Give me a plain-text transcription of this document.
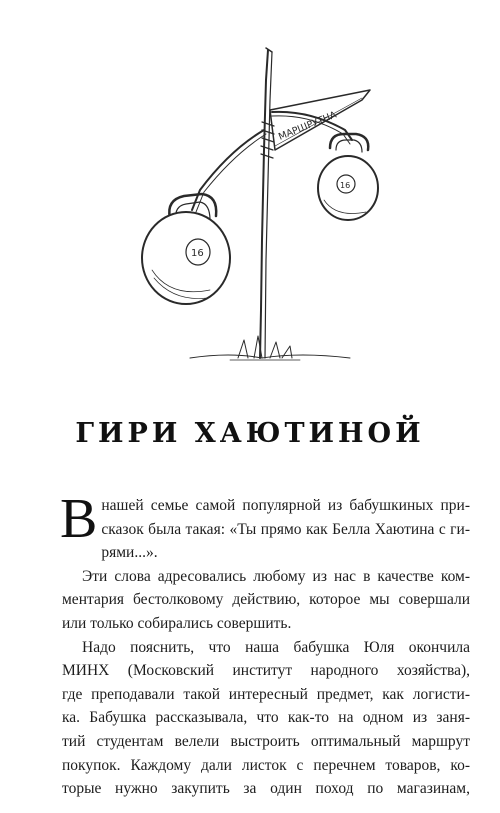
МАРШРУТНА
16
16
ГИРИ ХАЮТИНОЙ
В нашей семье самой популярной из бабушкиных при-
сказок была такая: «Ты прямо как Белла Хаютина с ги-
рями...».
Эти слова адресовались любому из нас в качестве ком-
ментария бестолковому действию, которое мы совершали
или только собирались совершить.
Надо пояснить, что наша бабушка Юля окончила
МИНХ (Московский институт народного хозяйства),
где преподавали такой интересный предмет, как логисти-
ка. Бабушка рассказывала, что как-то на одном из заня-
тий студентам велели выстроить оптимальный маршрут
покупок. Каждому дали листок с перечнем товаров, ко-
торые нужно закупить за один поход по магазинам,
